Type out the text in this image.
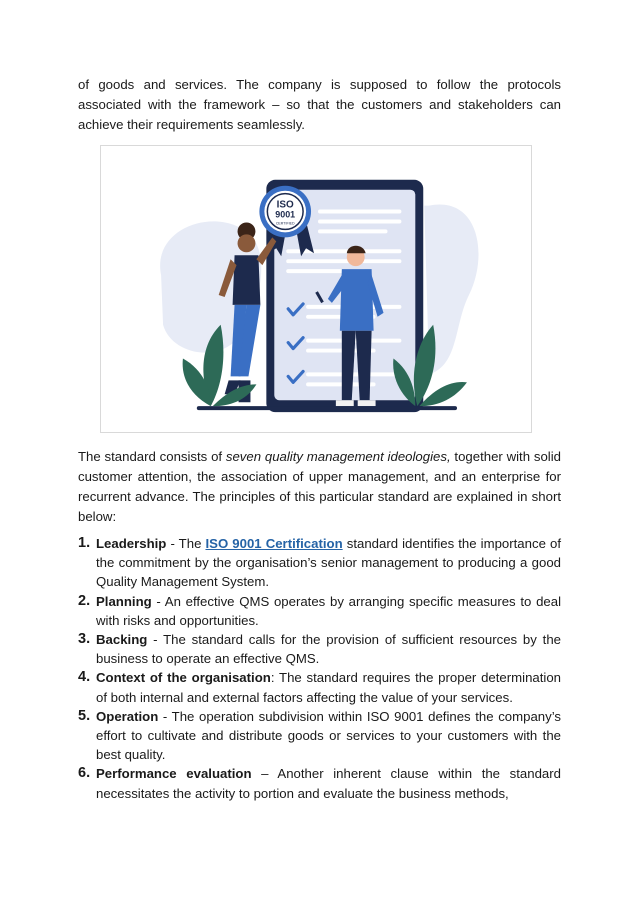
of goods and services. The company is supposed to follow the protocols associated with the framework – so that the customers and stakeholders can achieve their requirements seamlessly.

ISO
9001
CERTIFIED

The standard consists of seven quality management ideologies, together with solid customer attention, the association of upper management, and an enterprise for recurrent advance. The principles of this particular standard are explained in short below:

1. Leadership - The ISO 9001 Certification standard identifies the importance of the commitment by the organisation’s senior management to producing a good Quality Management System.
2. Planning - An effective QMS operates by arranging specific measures to deal with risks and opportunities.
3. Backing - The standard calls for the provision of sufficient resources by the business to operate an effective QMS.
4. Context of the organisation: The standard requires the proper determination of both internal and external factors affecting the value of your services.
5. Operation - The operation subdivision within ISO 9001 defines the company’s effort to cultivate and distribute goods or services to your customers with the best quality.
6. Performance evaluation – Another inherent clause within the standard necessitates the activity to portion and evaluate the business methods,
